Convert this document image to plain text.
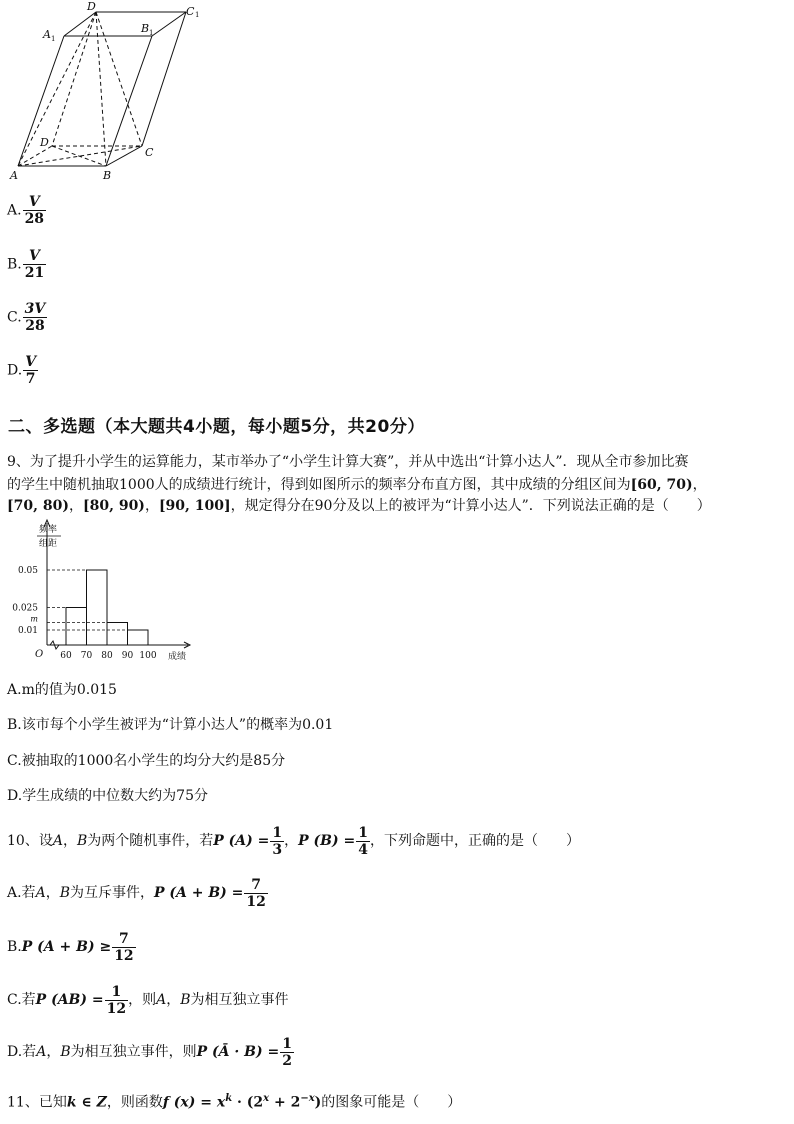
D	C 1
A 1
B 1
D
C
A	B
A. $\frac{V}{28}$
B. $\frac{V}{21}$
C. $\frac{3V}{28}$
D. $\frac{V}{7}$
二、多选题（本大题共4小题，每小题5分，共20分）
9、为了提升小学生的运算能力，某市举办了“小学生计算大赛”，并从中选出“计算小达人”．现从全市参加比赛
的学生中随机抽取1000人的成绩进行统计，得到如图所示的频率分布直方图，其中成绩的分组区间为[60, 70)，
[70, 80)，[80, 90)，[90, 100]，规定得分在90分及以上的被评为“计算小达人”．下列说法正确的是（　　）
0.05
0.025
m
0.01
60 70 80 90 100
O	成绩
频率
组距
A.m的值为0.015
B.该市每个小学生被评为“计算小达人”的概率为0.01
C.被抽取的1000名小学生的均分大约是85分
D.学生成绩的中位数大约为75分
10、设A，B为两个随机事件，若P $(A) = \frac{1}{3}$ ，P $(B) = \frac{1}{4}$ ，下列命题中，正确的是（　　）
A.若A，B为互斥事件，P $(A + B) = \frac{7}{12}$
B.P $(A + B) \ge \frac{7}{12}$
C.若P $(AB) = \frac{1}{12}$ ，则A，B为相互独立事件
D.若A，B为相互独立事件，则P (Ā · $B) = \frac{1}{2}$
11、已知k ∈ Z，则函数f $(x) = x^k \cdot (2^x + 2^{-x})$的图象可能是（　　）
